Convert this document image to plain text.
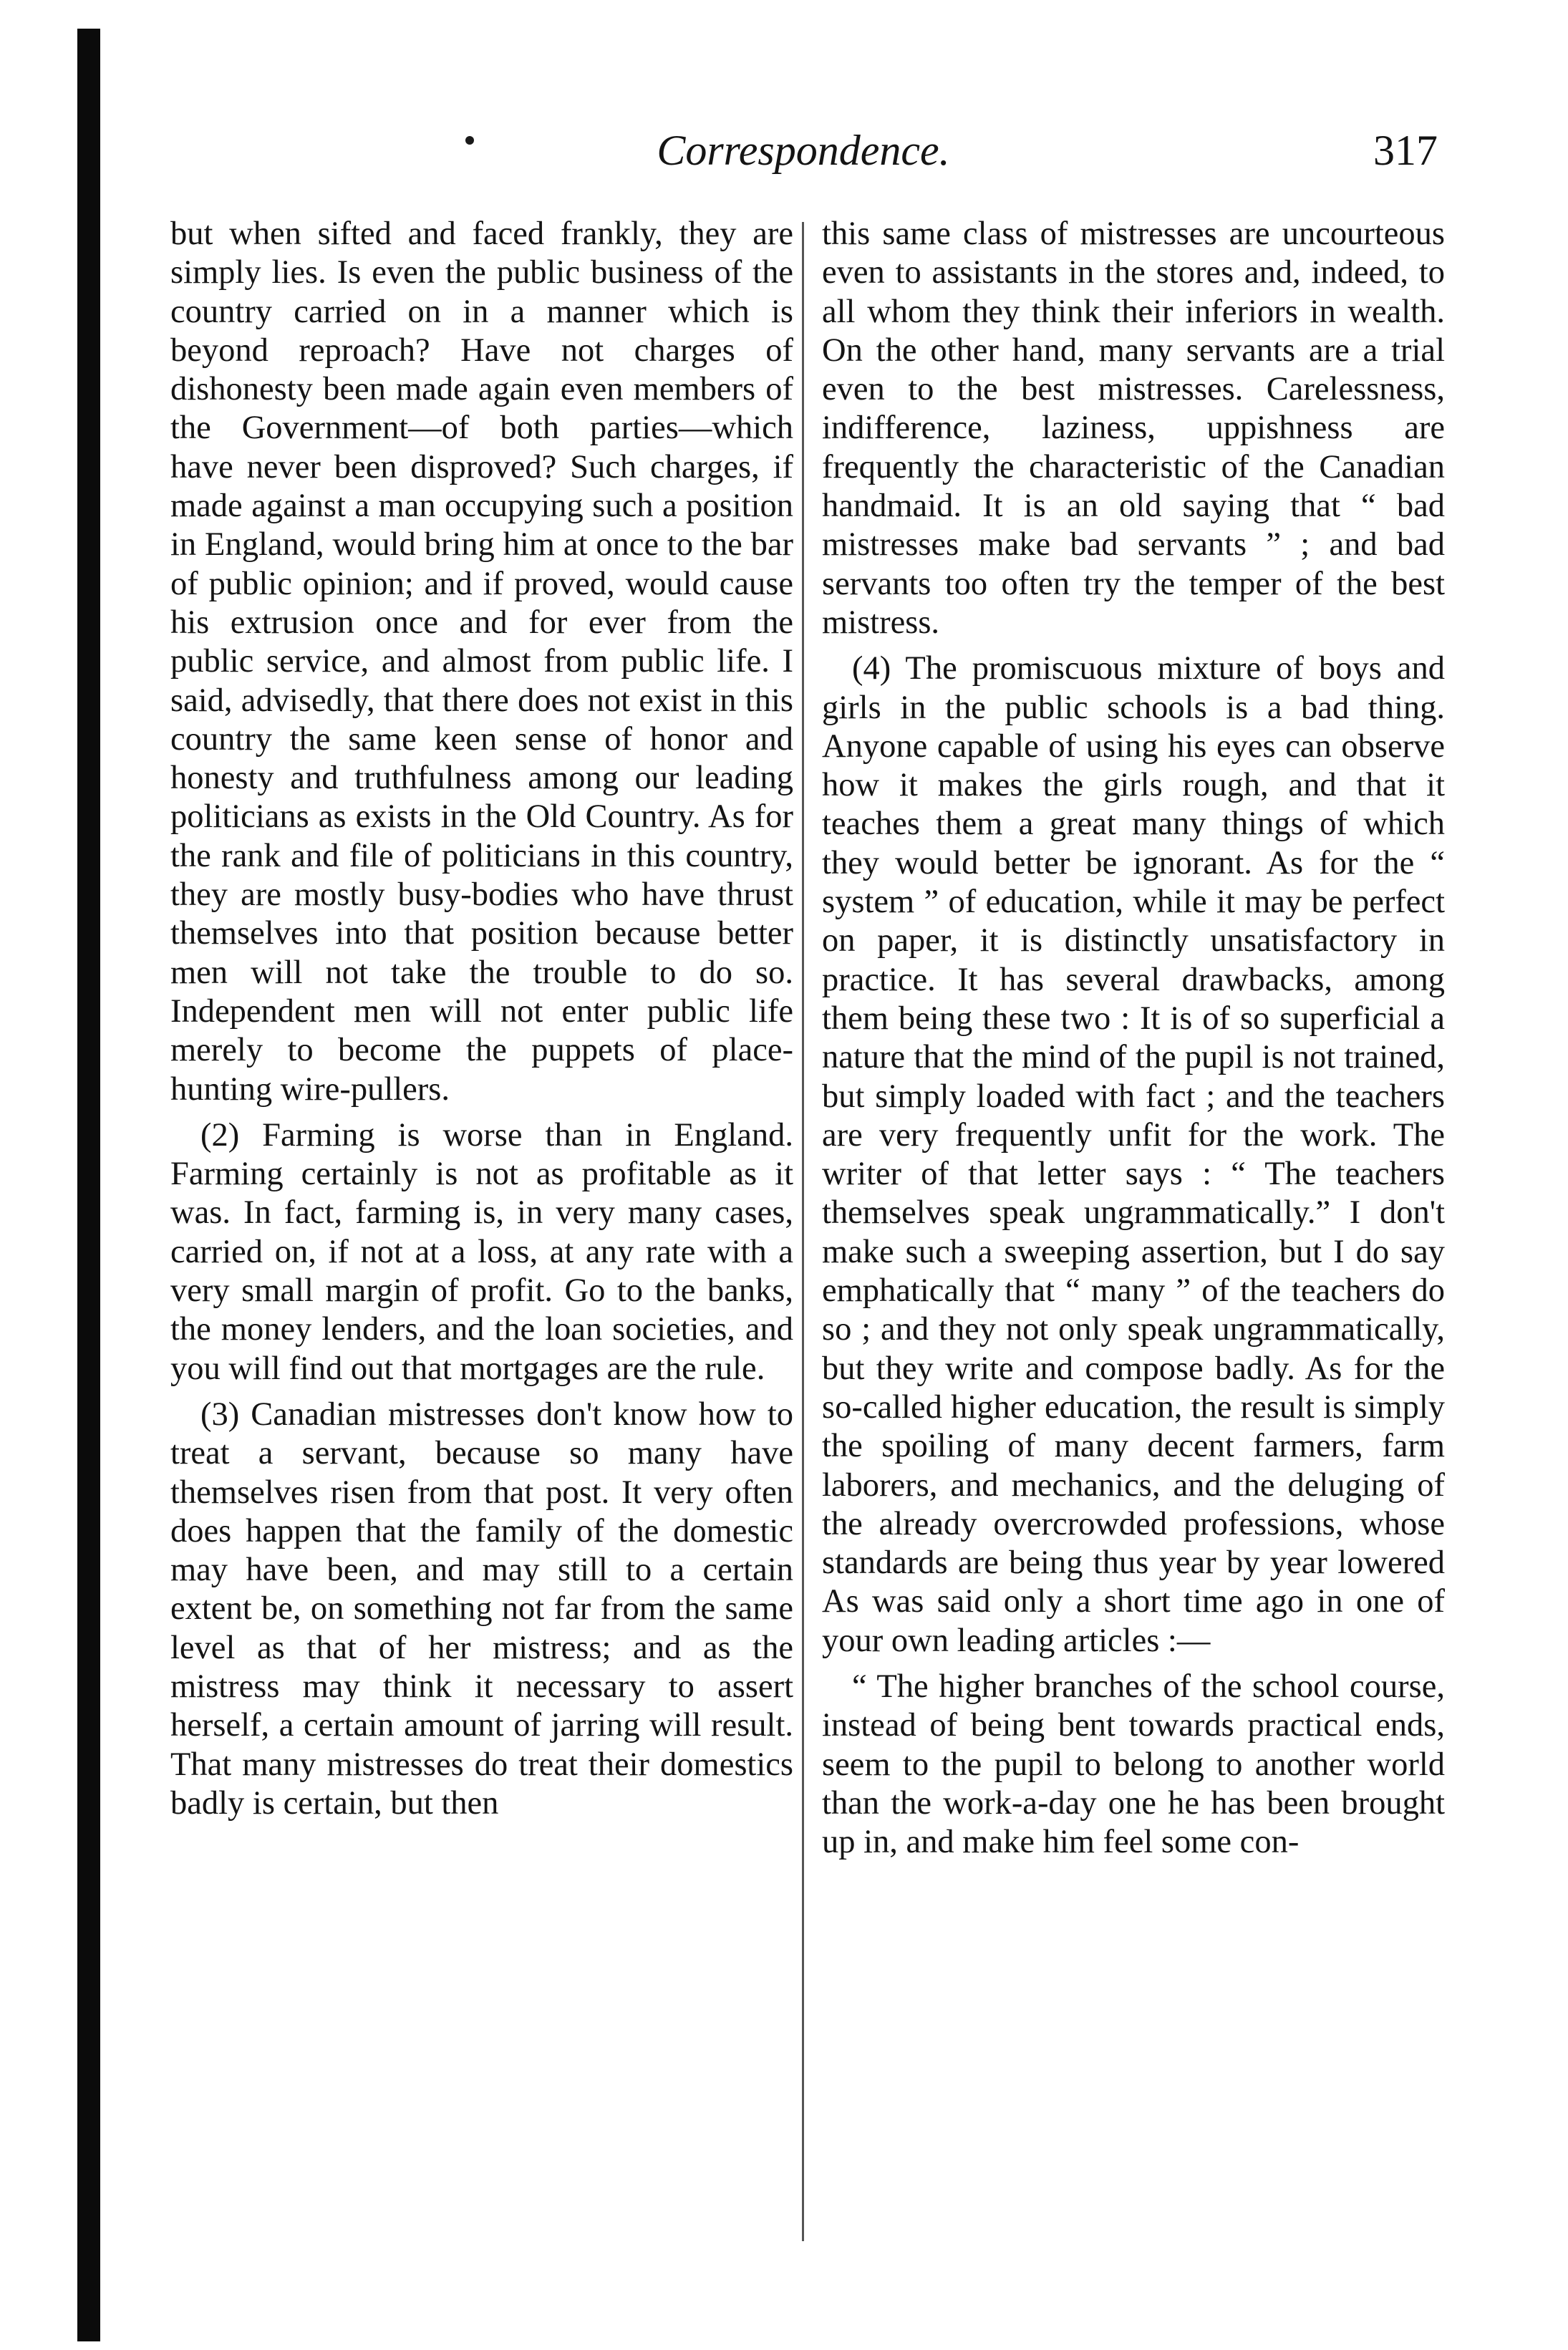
Correspondence.	317

but when sifted and faced frankly, they are simply lies. Is even the public business of the country carried on in a manner which is beyond reproach? Have not charges of dishonesty been made again even members of the Government—of both parties—which have never been disproved? Such charges, if made against a man occupying such a position in England, would bring him at once to the bar of public opinion; and if proved, would cause his extrusion once and for ever from the public service, and almost from public life. I said, advisedly, that there does not exist in this country the same keen sense of honor and honesty and truthfulness among our leading politicians as exists in the Old Country. As for the rank and file of politicians in this country, they are mostly busy-bodies who have thrust themselves into that position because better men will not take the trouble to do so. Independent men will not enter public life merely to become the puppets of place-hunting wire-pullers.

(2) Farming is worse than in England. Farming certainly is not as profitable as it was. In fact, farming is, in very many cases, carried on, if not at a loss, at any rate with a very small margin of profit. Go to the banks, the money lenders, and the loan societies, and you will find out that mortgages are the rule.

(3) Canadian mistresses don't know how to treat a servant, because so many have themselves risen from that post. It very often does happen that the family of the domestic may have been, and may still to a certain extent be, on something not far from the same level as that of her mistress; and as the mistress may think it necessary to assert herself, a certain amount of jarring will result. That many mistresses do treat their domestics badly is certain, but then

this same class of mistresses are uncourteous even to assistants in the stores and, indeed, to all whom they think their inferiors in wealth. On the other hand, many servants are a trial even to the best mistresses. Carelessness, indifference, laziness, uppishness are frequently the characteristic of the Canadian handmaid. It is an old saying that “ bad mistresses make bad servants ” ; and bad servants too often try the temper of the best mistress.

(4) The promiscuous mixture of boys and girls in the public schools is a bad thing. Anyone capable of using his eyes can observe how it makes the girls rough, and that it teaches them a great many things of which they would better be ignorant. As for the “ system ” of education, while it may be perfect on paper, it is distinctly unsatisfactory in practice. It has several drawbacks, among them being these two : It is of so superficial a nature that the mind of the pupil is not trained, but simply loaded with fact ; and the teachers are very frequently unfit for the work. The writer of that letter says : “ The teachers themselves speak ungrammatically.” I don't make such a sweeping assertion, but I do say emphatically that “ many ” of the teachers do so ; and they not only speak ungrammatically, but they write and compose badly. As for the so-called higher education, the result is simply the spoiling of many decent farmers, farm laborers, and mechanics, and the deluging of the already overcrowded professions, whose standards are being thus year by year lowered As was said only a short time ago in one of your own leading articles :—

“ The higher branches of the school course, instead of being bent towards practical ends, seem to the pupil to belong to another world than the work-a-day one he has been brought up in, and make him feel some con-
